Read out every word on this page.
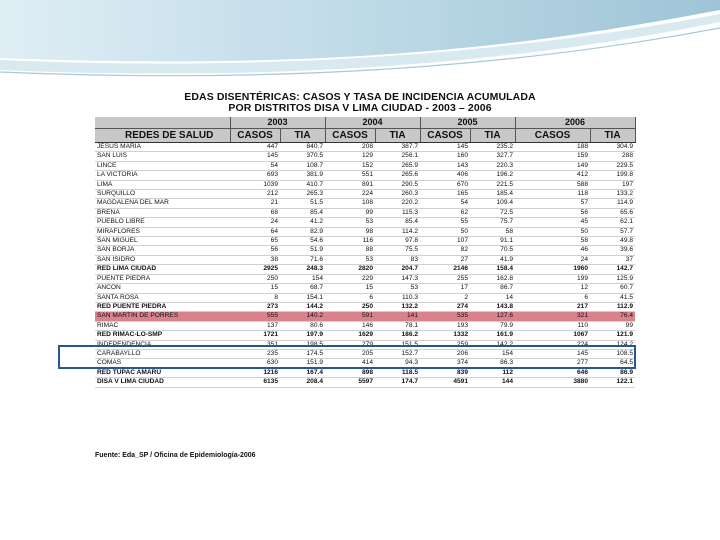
EDAS DISENTÉRICAS: CASOS Y TASA DE INCIDENCIA ACUMULADA
POR DISTRITOS DISA V LIMA CIUDAD - 2003 – 2006
	2003		2004		2005		2006	
REDES DE SALUD	CASOS	TIA	CASOS	TIA	CASOS	TIA	CASOS	TIA
JESUS MARIA	447	840.7	208	387.7	145	235.2	188	304.9
SAN LUIS	145	370.5	129	256.1	160	327.7	159	288
LINCE	54	108.7	152	265.9	143	220.3	149	229.5
LA VICTORIA	693	381.9	551	265.6	406	196.2	412	199.8
LIMA	1039	410.7	891	290.5	670	221.5	588	197
SURQUILLO	212	265.3	224	260.3	165	185.4	118	133.2
MAGDALENA DEL MAR	21	51.5	108	220.2	54	109.4	57	114.9
BREÑA	68	85.4	99	115.3	62	72.5	56	65.6
PUEBLO LIBRE	24	41.2	53	85.4	55	75.7	45	62.1
MIRAFLORES	64	82.9	98	114.2	50	58	50	57.7
SAN MIGUEL	65	54.6	116	97.8	107	91.1	58	49.8
SAN BORJA	56	51.9	88	75.5	82	70.5	46	39.6
SAN ISIDRO	38	71.6	53	83	27	41.9	24	37
RED LIMA CIUDAD	2925	248.3	2820	204.7	2146	158.4	1960	142.7
PUENTE PIEDRA	250	154	229	147.3	255	162.8	199	125.9
ANCON	15	68.7	15	53	17	86.7	12	60.7
SANTA ROSA	8	154.1	6	110.3	2	14	6	41.5
RED PUENTE PIEDRA	273	144.2	250	132.2	274	143.8	217	112.9
SAN MARTÍN DE PORRES	555	140.2	591	141	535	127.6	321	76.4
RIMAC	137	80.6	146	78.1	193	79.9	110	99
RED RIMAC-LO-SMP	1721	197.9	1629	186.2	1332	161.9	1067	121.9
INDEPENDENCIA	351	198.5	279	151.5	259	142.2	224	124.2
CARABAYLLO	235	174.5	205	152.7	206	154	145	108.5
COMAS	630	151.9	414	94.3	374	86.3	277	64.5
RED TUPAC AMARU	1216	167.4	898	118.5	839	112	646	86.9
DISA V LIMA CIUDAD	6135	208.4	5597	174.7	4591	144	3880	122.1
Fuente: Eda_SP / Oficina de Epidemiología-2006
